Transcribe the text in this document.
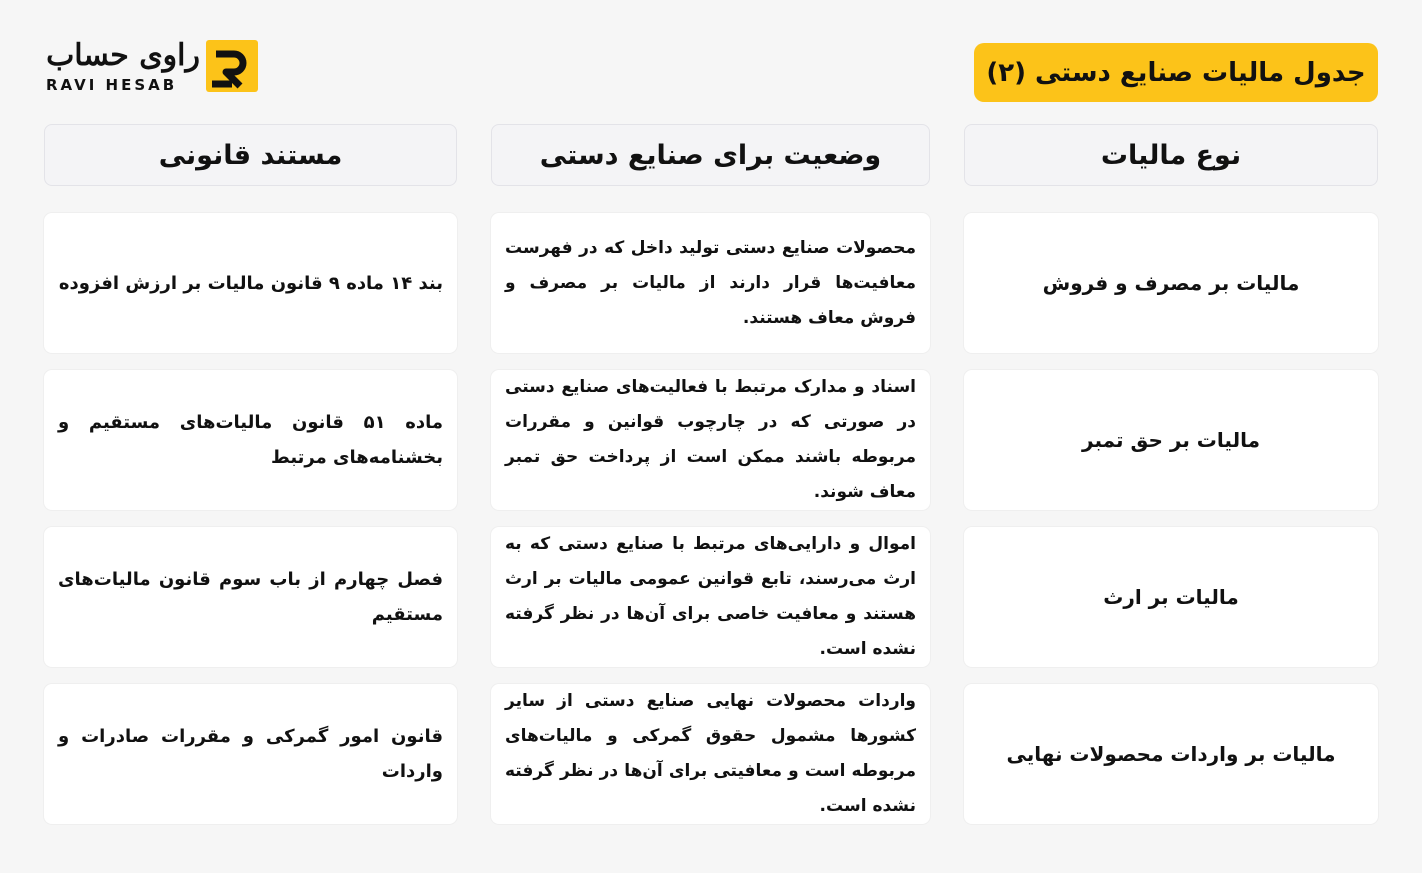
جدول مالیات صنایع دستی (۲)
راوی حساب
RAVI HESAB
نوع مالیات
وضعیت برای صنایع دستی
مستند قانونی
مالیات بر مصرف و فروش
محصولات صنایع دستی تولید داخل که در فهرست معافیت‌ها قرار دارند از مالیات بر مصرف و فروش معاف هستند.
بند ۱۴ ماده ۹ قانون مالیات بر ارزش افزوده
مالیات بر حق تمبر
اسناد و مدارک مرتبط با فعالیت‌های صنایع دستی در صورتی که در چارچوب قوانین و مقررات مربوطه باشند ممکن است از پرداخت حق تمبر معاف شوند.
ماده ۵۱ قانون مالیات‌های مستقیم و بخشنامه‌های مرتبط
مالیات بر ارث
اموال و دارایی‌های مرتبط با صنایع دستی که به ارث می‌رسند، تابع قوانین عمومی مالیات بر ارث هستند و معافیت خاصی برای آن‌ها در نظر گرفته نشده است.
فصل چهارم از باب سوم قانون مالیات‌های مستقیم
مالیات بر واردات محصولات نهایی
واردات محصولات نهایی صنایع دستی از سایر کشورها مشمول حقوق گمرکی و مالیات‌های مربوطه است و معافیتی برای آن‌ها در نظر گرفته نشده است.
قانون امور گمرکی و مقررات صادرات و واردات
